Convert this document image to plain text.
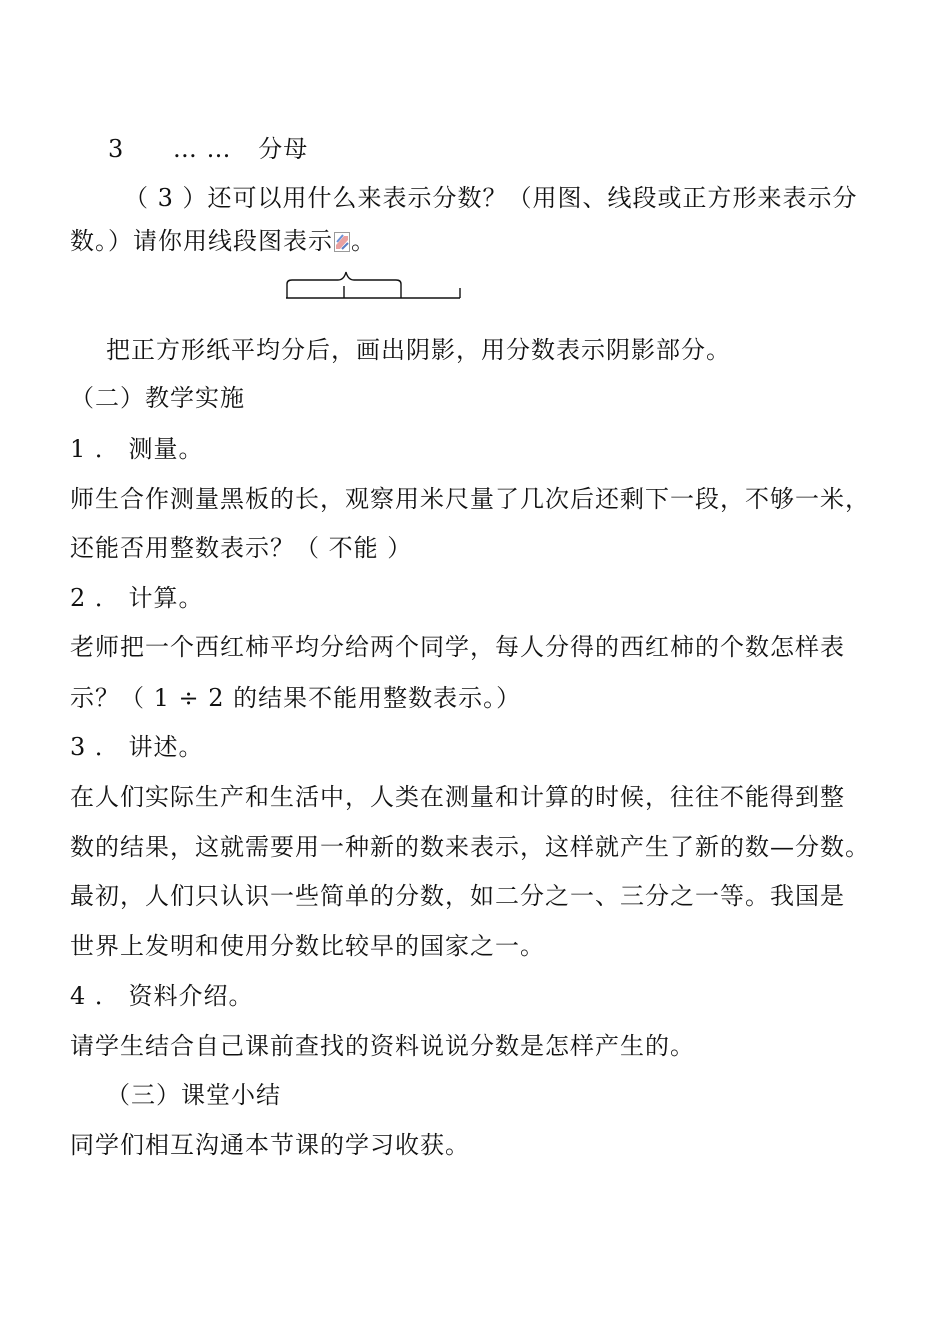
3 … … 分母
（ 3 ）还可以用什么来表示分数？（用图、线段或正方形来表示分
数。）请你用线段图表示 。
把正方形纸平均分后，画出阴影，用分数表示阴影部分。
（二）教学实施
1 ． 测量。
师生合作测量黑板的长，观察用米尺量了几次后还剩下一段，不够一米，
还能否用整数表示？（ 不能 ）
2 ． 计算。
老师把一个西红柿平均分给两个同学，每人分得的西红柿的个数怎样表
示？（ 1 ÷ 2 的结果不能用整数表示。）
3 ． 讲述。
在人们实际生产和生活中，人类在测量和计算的时候，往往不能得到整
数的结果，这就需要用一种新的数来表示，这样就产生了新的数—分数。
最初，人们只认识一些简单的分数，如二分之一、三分之一等。我国是
世界上发明和使用分数比较早的国家之一。
4 ． 资料介绍。
请学生结合自己课前查找的资料说说分数是怎样产生的。
（三）课堂小结
同学们相互沟通本节课的学习收获。
